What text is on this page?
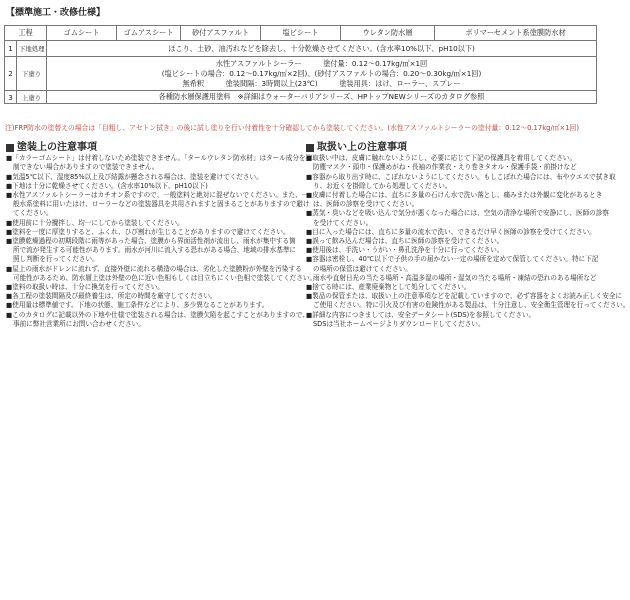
【標準施工・改修仕様】
工程		ゴムシート	ゴムアスシート	砂付アスファルト	塩ビシート	ウレタン防水層	ポリマーセメント系塗膜防水材
1	下地処理	ほこり、土砂、油汚れなどを除去し、十分乾燥させてください。(含水率10%以下、pH10以下)					

2	下塗り	水性アスファルトシーラー　　　塗付量：0.12〜0.17kg/㎡×1回
(塩ビシートの場合：0.12〜0.17kg/㎡×2回)、(砂付アスファルトの場合：0.20〜0.30kg/㎡×1回)
無希釈　　　塗装間隔：3時間以上(23℃)　　　塗装用具：はけ、ローラー、スプレー					

3	上塗り	各種防水層保護用塗料　※詳細はウォーターバリアシリーズ、HPトップNEWシリーズのカタログ参照					
注)FRP防水の塗替えの場合は「目粗し、アセトン拭き」の後に試し塗りを行い付着性を十分確認してから塗装してください。(水性アスファルトシーラーの塗付量：0.12〜0.17kg/㎡×1回)
塗装上の注意事項
■「カラーゴムシート」は付着しないため塗装できません。「タールウレタン防水材」はタール成分を抑
制できない場合がありますので塗装できません。
■気温5℃以下、湿度85%以上及び結露が懸念される場合は、塗装を避けてください。
■下地は十分に乾燥させてください。(含水率10%以下、pH10以下)
■水性アスファルトシーラーはカチオン系ですので、一般塗料と絶対に混ぜないでください。また、一
般水系塗料に用いたはけ、ローラーなどの塗装器具を共用されますと固まることがありますので避け
てください。
■使用前に十分攪拌し、均一にしてから塗装してください。
■塗料を一度に厚塗りすると、ふくれ、ひび割れが生じることがありますので避けてください。
■塗膜乾燥過程の初期段階に雨等があった場合、塗膜から界面活性剤が流出し、雨水が集中する箇
所で流が発生する可能性があります。雨水が河川に流入する恐れがある場合、地域の排水基準に
照し判断を行ってください。
■屋上の雨水がドレンに流れず、直接外壁に流れる構造の場合は、劣化した塗膜粉が外壁を汚染する
可能性があるため、防水層上塗は外壁の色に近い色相もしくは目立ちにくい色相で塗装してください。
■塗料の取扱い時は、十分に換気を行ってください。
■各工程の塗装間隔及び最終養生は、所定の時間を厳守してください。
■使用量は標準値です。下地の状態、施工条件などにより、多少異なることがあります。
■このカタログに記載以外の下地や仕様で塗装される場合は、塗膜欠陥を起こすことがありますので、
事前に弊社営業所にお問い合わせください。
取扱い上の注意事項
■取扱い中は、皮膚に触れないようにし、必要に応じて下記の保護具を着用してください。
防塵マスク・頭巾・保護めがね・長袖の作業衣・えり巻きタオル・保護手袋・前掛けなど
■容器から取り出す時に、こぼれないようにしてください。もしこぼれた場合には、布やウエスで拭き取
り、お近くを掛除してから処理してください。
■皮膚に付着した場合には、直ちに多量の石けん水で洗い落とし、痛みまたは外観に変化があるとき
は、医師の診察を受けてください。
■蒸気・臭いなどを吸い込んで気分が悪くなった場合には、空気の清浄な場所で安静にし、医師の診察
を受けてください。
■目に入った場合には、直ちに多量の流水で洗い、できるだけ早く医師の診察を受けてください。
■誤って飲み込んだ場合は、直ちに医師の診察を受けてください。
■使用後は、手洗い・うがい・鼻孔洗浄を十分に行ってください。
■容器は密栓し、40℃以下で子供の手の届かない一定の場所を定めて保管してください。特に下記
の場所の保管は避けてください。
雨水や直射日光の当たる場所・高温多湿の場所・湿気の当たる場所・凍結の恐れのある場所など
■捨てる時には、産業廃棄物として処分してください。
■製品の保管または、取扱い上の注意事項などを記載していますので、必ず容器をよくお読み正しく安全に
ご使用ください。特に引火及び有害の危険性がある製品は、十分注意し、安全衛生管理を行ってください。
■詳細な内容につきましては、安全データシート(SDS)を参照してください。
SDSは当社ホームページよりダウンロードしてください。
